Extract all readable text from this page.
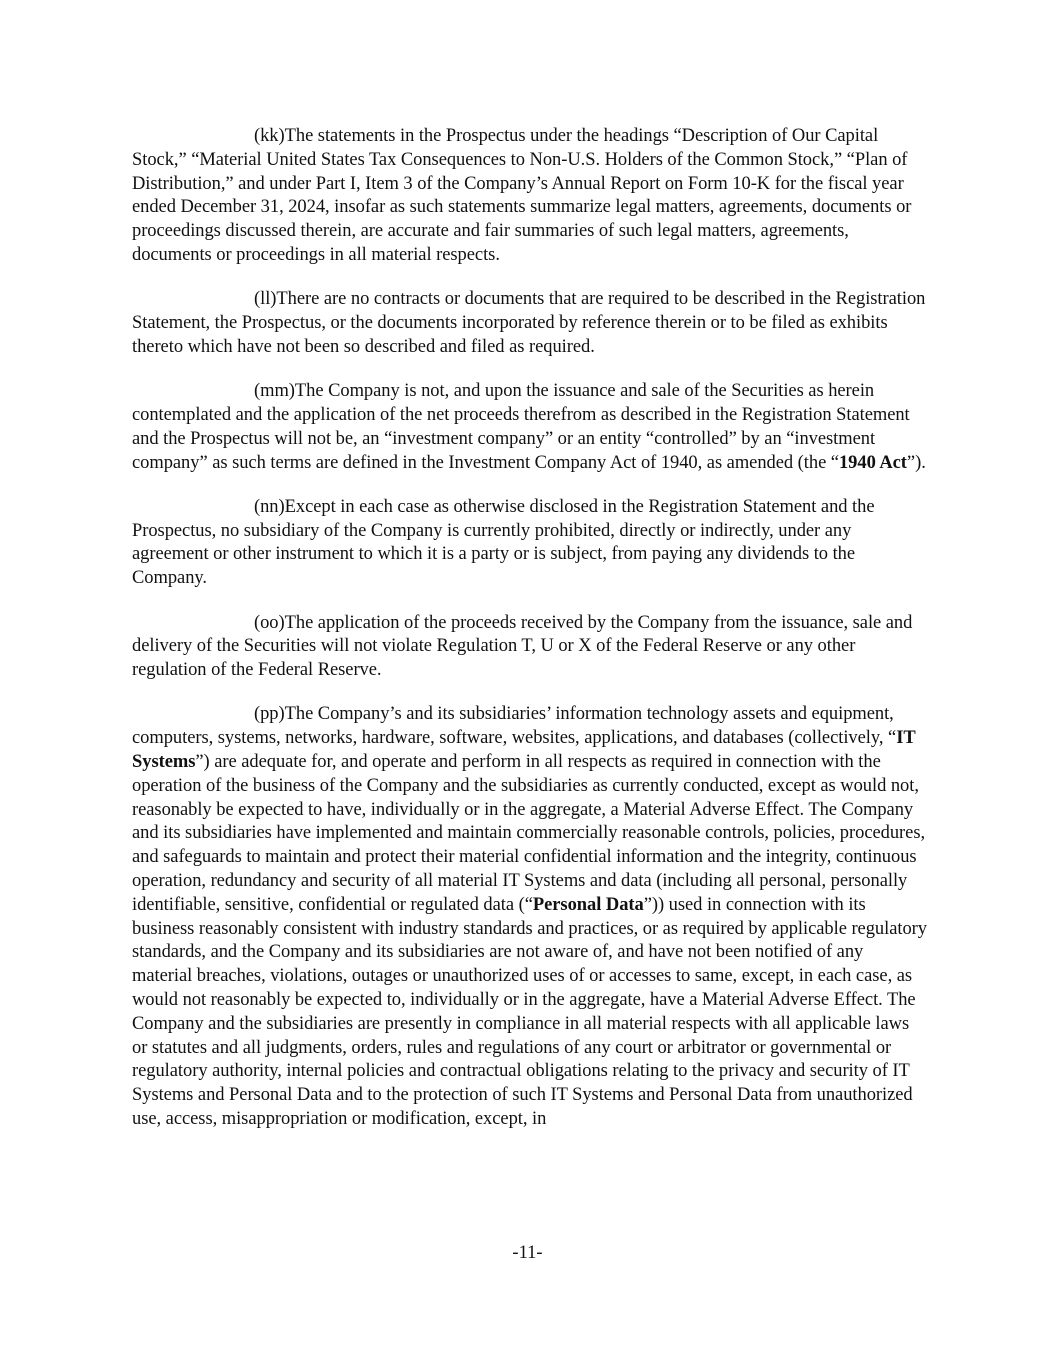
(kk)The statements in the Prospectus under the headings “Description of Our Capital Stock,” “Material United States Tax Consequences to Non-U.S. Holders of the Common Stock,” “Plan of Distribution,” and under Part I, Item 3 of the Company’s Annual Report on Form 10-K for the fiscal year ended December 31, 2024, insofar as such statements summarize legal matters, agreements, documents or proceedings discussed therein, are accurate and fair summaries of such legal matters, agreements, documents or proceedings in all material respects.

(ll)There are no contracts or documents that are required to be described in the Registration Statement, the Prospectus, or the documents incorporated by reference therein or to be filed as exhibits thereto which have not been so described and filed as required.

(mm)The Company is not, and upon the issuance and sale of the Securities as herein contemplated and the application of the net proceeds therefrom as described in the Registration Statement and the Prospectus will not be, an “investment company” or an entity “controlled” by an “investment company” as such terms are defined in the Investment Company Act of 1940, as amended (the “1940 Act”).

(nn)Except in each case as otherwise disclosed in the Registration Statement and the Prospectus, no subsidiary of the Company is currently prohibited, directly or indirectly, under any agreement or other instrument to which it is a party or is subject, from paying any dividends to the Company.

(oo)The application of the proceeds received by the Company from the issuance, sale and delivery of the Securities will not violate Regulation T, U or X of the Federal Reserve or any other regulation of the Federal Reserve.

(pp)The Company’s and its subsidiaries’ information technology assets and equipment, computers, systems, networks, hardware, software, websites, applications, and databases (collectively, “IT Systems”) are adequate for, and operate and perform in all respects as required in connection with the operation of the business of the Company and the subsidiaries as currently conducted, except as would not, reasonably be expected to have, individually or in the aggregate, a Material Adverse Effect. The Company and its subsidiaries have implemented and maintain commercially reasonable controls, policies, procedures, and safeguards to maintain and protect their material confidential information and the integrity, continuous operation, redundancy and security of all material IT Systems and data (including all personal, personally identifiable, sensitive, confidential or regulated data (“Personal Data”)) used in connection with its business reasonably consistent with industry standards and practices, or as required by applicable regulatory standards, and the Company and its subsidiaries are not aware of, and have not been notified of any material breaches, violations, outages or unauthorized uses of or accesses to same, except, in each case, as would not reasonably be expected to, individually or in the aggregate, have a Material Adverse Effect. The Company and the subsidiaries are presently in compliance in all material respects with all applicable laws or statutes and all judgments, orders, rules and regulations of any court or arbitrator or governmental or regulatory authority, internal policies and contractual obligations relating to the privacy and security of IT Systems and Personal Data and to the protection of such IT Systems and Personal Data from unauthorized use, access, misappropriation or modification, except, in

-11-
